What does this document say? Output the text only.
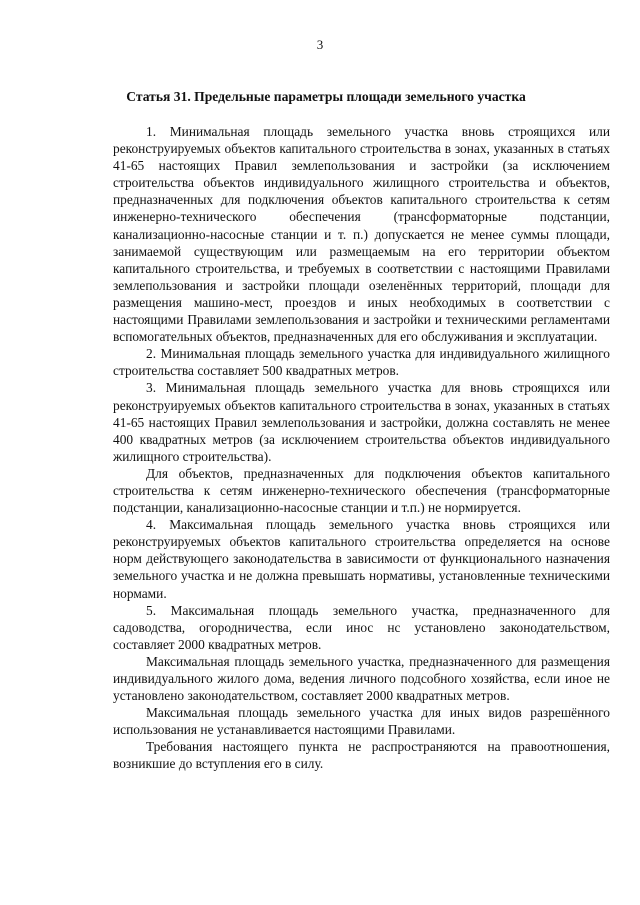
3
Статья 31. Предельные параметры площади земельного участка

1. Минимальная площадь земельного участка вновь строящихся или реконструируемых объектов капитального строительства в зонах, указанных в статьях 41-65 настоящих Правил землепользования и застройки (за исключением строительства объектов индивидуального жилищного строительства и объектов, предназначенных для подключения объектов капитального строительства к сетям инженерно-технического обеспечения (трансформаторные подстанции, канализационно-насосные станции и т. п.) допускается не менее суммы площади, занимаемой существующим или размещаемым на его территории объектом капитального строительства, и требуемых в соответствии с настоящими Правилами землепользования и застройки площади озеленённых территорий, площади для размещения машино-мест, проездов и иных необходимых в соответствии с настоящими Правилами землепользования и застройки и техническими регламентами вспомогательных объектов, предназначенных для его обслуживания и эксплуатации.

2. Минимальная площадь земельного участка для индивидуального жилищного строительства составляет 500 квадратных метров.

3. Минимальная площадь земельного участка для вновь строящихся или реконструируемых объектов капитального строительства в зонах, указанных в статьях 41-65 настоящих Правил землепользования и застройки, должна составлять не менее 400 квадратных метров (за исключением строительства объектов индивидуального жилищного строительства).

Для объектов, предназначенных для подключения объектов капитального строительства к сетям инженерно-технического обеспечения (трансформаторные подстанции, канализационно-насосные станции и т.п.) не нормируется.

4. Максимальная площадь земельного участка вновь строящихся или реконструируемых объектов капитального строительства определяется на основе норм действующего законодательства в зависимости от функционального назначения земельного участка и не должна превышать нормативы, установленные техническими нормами.

5. Максимальная площадь земельного участка, предназначенного для садоводства, огородничества, если инос нс установлено законодательством, составляет 2000 квадратных метров.

Максимальная площадь земельного участка, предназначенного для размещения индивидуального жилого дома, ведения личного подсобного хозяйства, если иное не установлено законодательством, составляет 2000 квадратных метров.

Максимальная площадь земельного участка для иных видов разрешённого использования не устанавливается настоящими Правилами.

Требования настоящего пункта не распространяются на правоотношения, возникшие до вступления его в силу.
